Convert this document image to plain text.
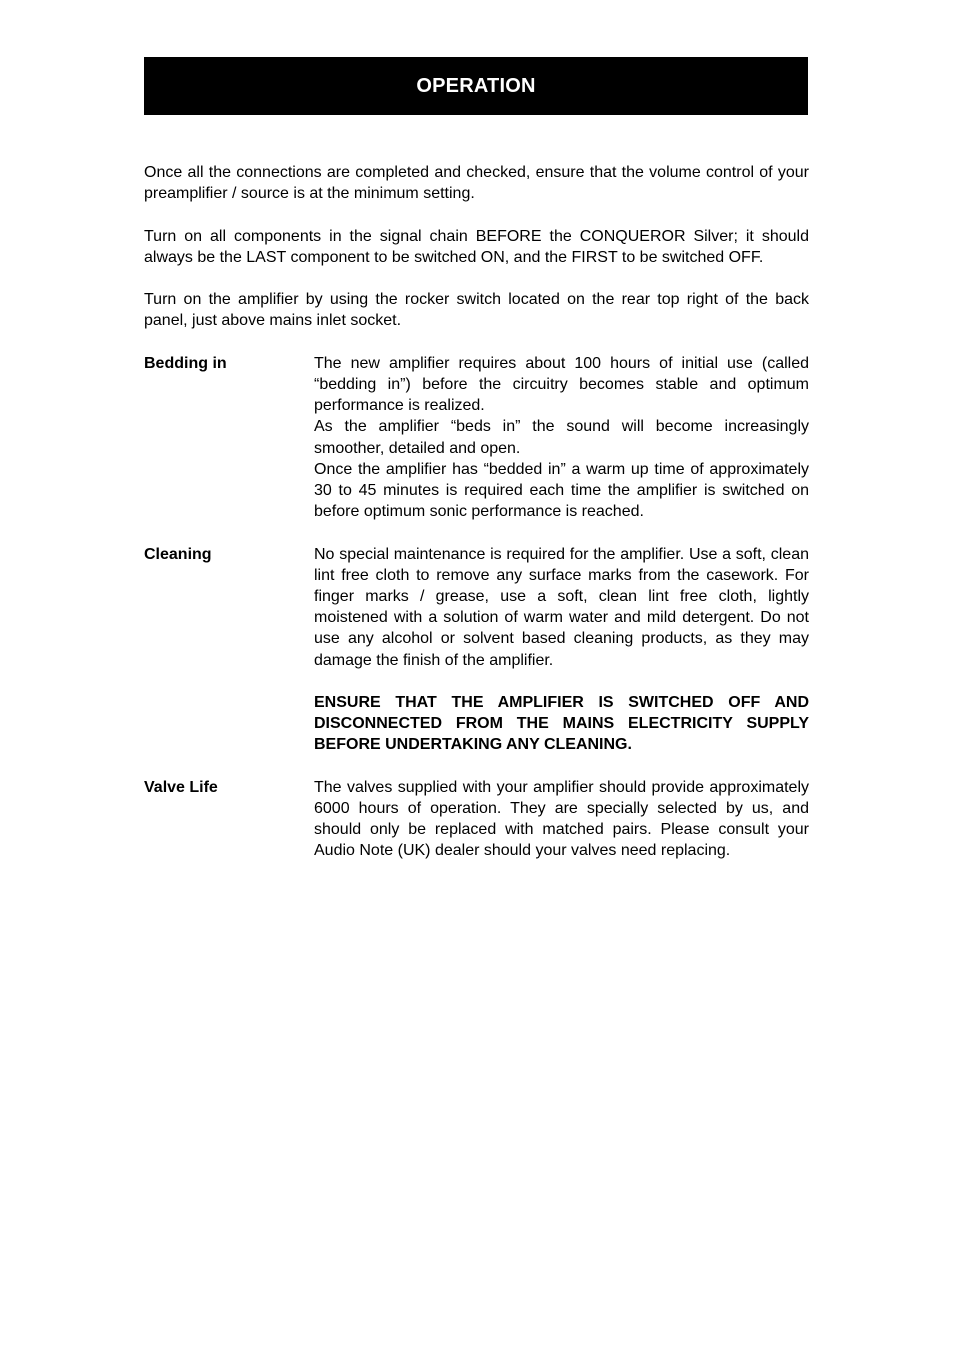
OPERATION

Once all the connections are completed and checked, ensure that the volume control of your preamplifier / source is at the minimum setting.

Turn on all components in the signal chain BEFORE the CONQUEROR Silver; it should always be the LAST component to be switched ON, and the FIRST to be switched OFF.

Turn on the amplifier by using the rocker switch located on the rear top right of the back panel, just above mains inlet socket.

Bedding in	The new amplifier requires about 100 hours of initial use (called “bedding in”) before the circuitry becomes stable and optimum performance is realized.

As the amplifier “beds in” the sound will become increasingly smoother, detailed and open.

Once the amplifier has “bedded in” a warm up time of approximately 30 to 45 minutes is required each time the amplifier is switched on before optimum sonic performance is reached.

Cleaning	No special maintenance is required for the amplifier. Use a soft, clean lint free cloth to remove any surface marks from the casework. For finger marks / grease, use a soft, clean lint free cloth, lightly moistened with a solution of warm water and mild detergent. Do not use any alcohol or solvent based cleaning products, as they may damage the finish of the amplifier.

ENSURE THAT THE AMPLIFIER IS SWITCHED OFF AND DISCONNECTED FROM THE MAINS ELECTRICITY SUPPLY BEFORE UNDERTAKING ANY CLEANING.

Valve Life	The valves supplied with your amplifier should provide approximately 6000 hours of operation. They are specially selected by us, and should only be replaced with matched pairs. Please consult your Audio Note (UK) dealer should your valves need replacing.
